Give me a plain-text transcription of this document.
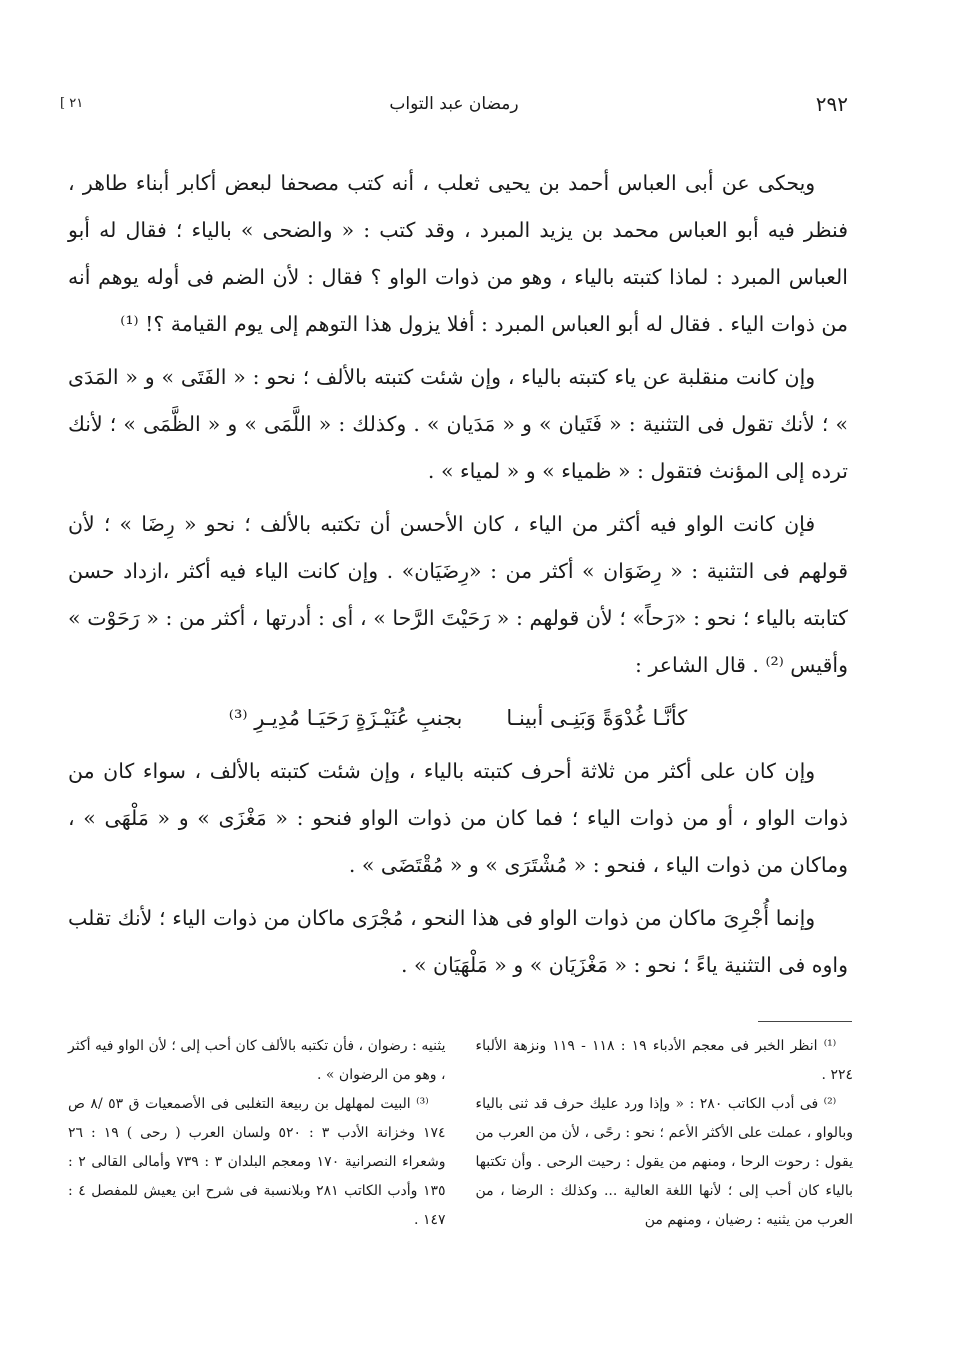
٢٩٢
رمضان عبد التواب
٢١ ]

ويحكى عن أبى العباس أحمد بن يحيى ثعلب ، أنه كتب مصحفا لبعض أكابر أبناء طاهر ، فنظر فيه أبو العباس محمد بن يزيد المبرد ، وقد كتب : « والضحى » بالياء ؛ فقال له أبو العباس المبرد : لماذا كتبته بالياء ، وهو من ذوات الواو ؟ فقال : لأن الضم فى أوله يوهم أنه من ذوات الياء . فقال له أبو العباس المبرد : أفلا يزول هذا التوهم إلى يوم القيامة ؟! ⁽¹⁾

وإن كانت منقلبة عن ياء كتبته بالياء ، وإن شئت كتبته بالألف ؛ نحو : « الفَتَى » و « المَدَى » ؛ لأنك تقول فى التثنية : « فَتَيان » و « مَدَيان » . وكذلك : « اللَّمَى » و « الظَّمَى » ؛ لأنك ترده إلى المؤنث فتقول : « ظمياء » و « لمياء » .

فإن كانت الواو فيه أكثر من الياء ، كان الأحسن أن تكتبه بالألف ؛ نحو « رِضَا » ؛ لأن قولهم فى التثنية : « رِضَوَان » أكثر من : «رِضَيَان» . وإن كانت الياء فيه أكثر ،ازداد حسن كتابته بالياء ؛ نحو : «رَحاً» ؛ لأن قولهم : « رَحَيْتَ الرَّحا » ، أى : أدرتها ، أكثر من : « رَحَوْت » وأقيس ⁽²⁾ . قال الشاعر :

كأنَّـا غُدْوَةً وَبَنِـى أبينـا
بجنبِ عُنَيْـزَةٍ رَحَيَـا مُدِيـرِ ⁽³⁾

وإن كان على أكثر من ثلاثة أحرف كتبته بالياء ، وإن شئت كتبته بالألف ، سواء كان من ذوات الواو ، أو من ذوات الياء ؛ فما كان من ذوات الواو فنحو : « مَغْزَى » و « مَلْهَى » ، وماكان من ذوات الياء ، فنحو : « مُشْتَرَى » و « مُقْتَضَى » .

وإنما أُجْرِىَ ماكان من ذوات الواو فى هذا النحو ، مُجْرَى ماكان من ذوات الياء ؛ لأنك تقلب واوه فى التثنية ياءً ؛ نحو : « مَغْزَيَان » و « مَلْهَيَان » .

⁽¹⁾ انظر الخبر فى معجم الأدباء ١٩ : ١١٨ - ١١٩ ونزهة الألباء ٢٢٤ .

⁽²⁾ فى أدب الكاتب ٢٨٠ : « وإذا ورد عليك حرف قد ثنى بالياء وبالواو ، عملت على الأكثر الأعم ؛ نحو : رحًى ، لأن من العرب من يقول : رحوت الرحا ، ومنهم من يقول : رحيت الرحى . وأن تكتبها بالياء كان أحب إلى ؛ لأنها اللغة العالية ... وكذلك : الرضا ، من العرب من يثنيه : رضيان ، ومنهم من

يثنيه : رضوان ، فأن تكتبه بالألف كان أحب إلى ؛ لأن الواو فيه أكثر ، وهو من الرضوان » .

⁽³⁾ البيت لمهلهل بن ربيعة التغلبى فى الأصمعيات ق ٥٣ /٨ ص ١٧٤ وخزانة الأدب ٣ : ٥٢٠ ولسان العرب ( رحى ) ١٩ : ٢٦ وشعراء النصرانية ١٧٠ ومعجم البلدان ٣ : ٧٣٩ وأمالى القالى ٢ : ١٣٥ وأدب الكاتب ٢٨١ وبلانسبة فى شرح ابن يعيش للمفصل ٤ : ١٤٧ .
